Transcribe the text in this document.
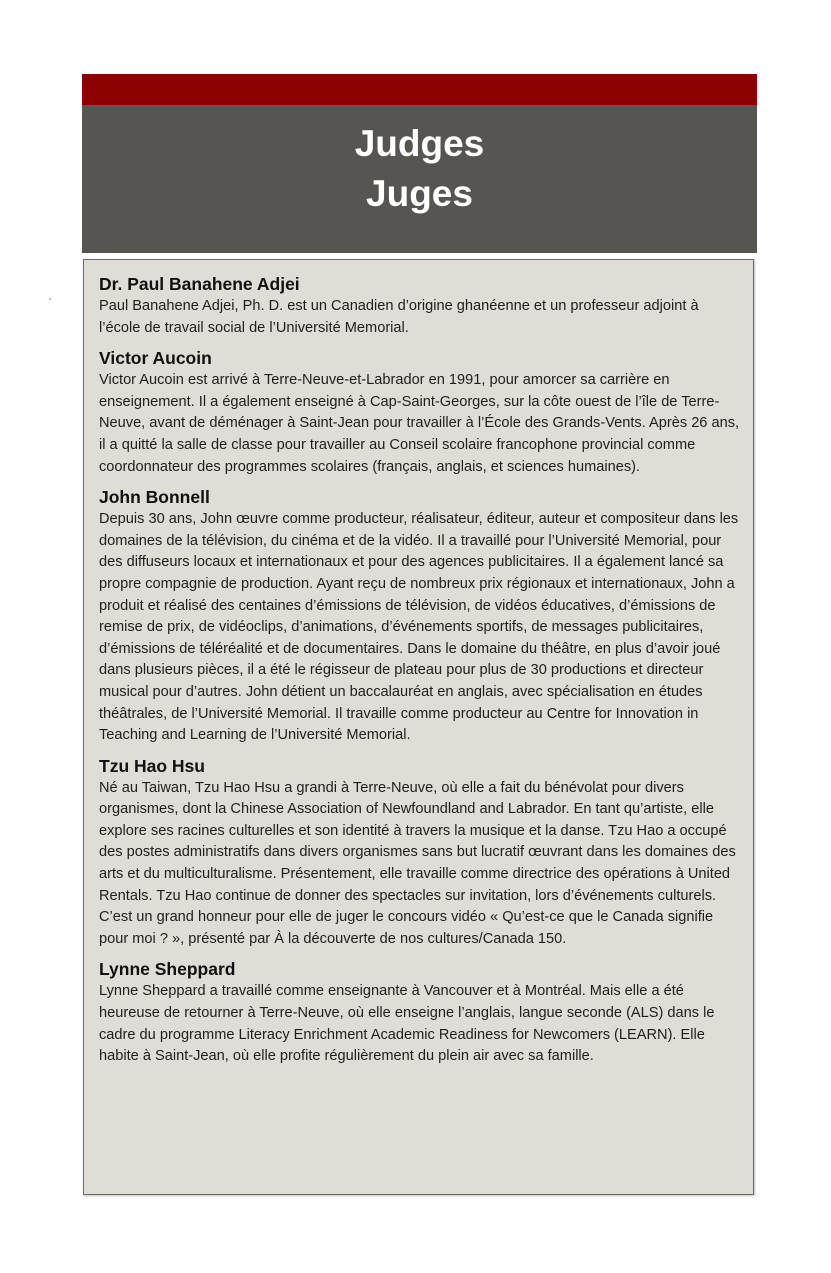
Judges
Juges
Dr. Paul Banahene Adjei
Paul Banahene Adjei, Ph. D. est un Canadien d’origine ghanéenne et un professeur adjoint à l’école de travail social de l’Université Memorial.
Victor Aucoin
Victor Aucoin est arrivé à Terre-Neuve-et-Labrador en 1991, pour amorcer sa carrière en enseignement. Il a également enseigné à Cap-Saint-Georges, sur la côte ouest de l’île de Terre-Neuve, avant de déménager à Saint-Jean pour travailler à l’École des Grands-Vents. Après 26 ans, il a quitté la salle de classe pour travailler au Conseil scolaire francophone provincial comme coordonnateur des programmes scolaires (français, anglais, et sciences humaines).
John Bonnell
Depuis 30 ans, John œuvre comme producteur, réalisateur, éditeur, auteur et compositeur dans les domaines de la télévision, du cinéma et de la vidéo. Il a travaillé pour l’Université Memorial, pour des diffuseurs locaux et internationaux et pour des agences publicitaires. Il a également lancé sa propre compagnie de production. Ayant reçu de nombreux prix régionaux et internationaux, John a produit et réalisé des centaines d’émissions de télévision, de vidéos éducatives, d’émissions de remise de prix, de vidéoclips, d’animations, d’événements sportifs, de messages publicitaires, d’émissions de téléréalité et de documentaires. Dans le domaine du théâtre, en plus d’avoir joué dans plusieurs pièces, il a été le régisseur de plateau pour plus de 30 productions et directeur musical pour d’autres. John détient un baccalauréat en anglais, avec spécialisation en études théâtrales, de l’Université Memorial. Il travaille comme producteur au Centre for Innovation in Teaching and Learning de l’Université Memorial.
Tzu Hao Hsu
Né au Taiwan, Tzu Hao Hsu a grandi à Terre-Neuve, où elle a fait du bénévolat pour divers organismes, dont la Chinese Association of Newfoundland and Labrador. En tant qu’artiste, elle explore ses racines culturelles et son identité à travers la musique et la danse. Tzu Hao a occupé des postes administratifs dans divers organismes sans but lucratif œuvrant dans les domaines des arts et du multiculturalisme. Présentement, elle travaille comme directrice des opérations à United Rentals. Tzu Hao continue de donner des spectacles sur invitation, lors d’événements culturels. C’est un grand honneur pour elle de juger le concours vidéo « Qu’est-ce que le Canada signifie pour moi ? », présenté par À la découverte de nos cultures/Canada 150.
Lynne Sheppard
Lynne Sheppard a travaillé comme enseignante à Vancouver et à Montréal. Mais elle a été heureuse de retourner à Terre-Neuve, où elle enseigne l’anglais, langue seconde (ALS) dans le cadre du programme Literacy Enrichment Academic Readiness for Newcomers (LEARN). Elle habite à Saint-Jean, où elle profite régulièrement du plein air avec sa famille.
